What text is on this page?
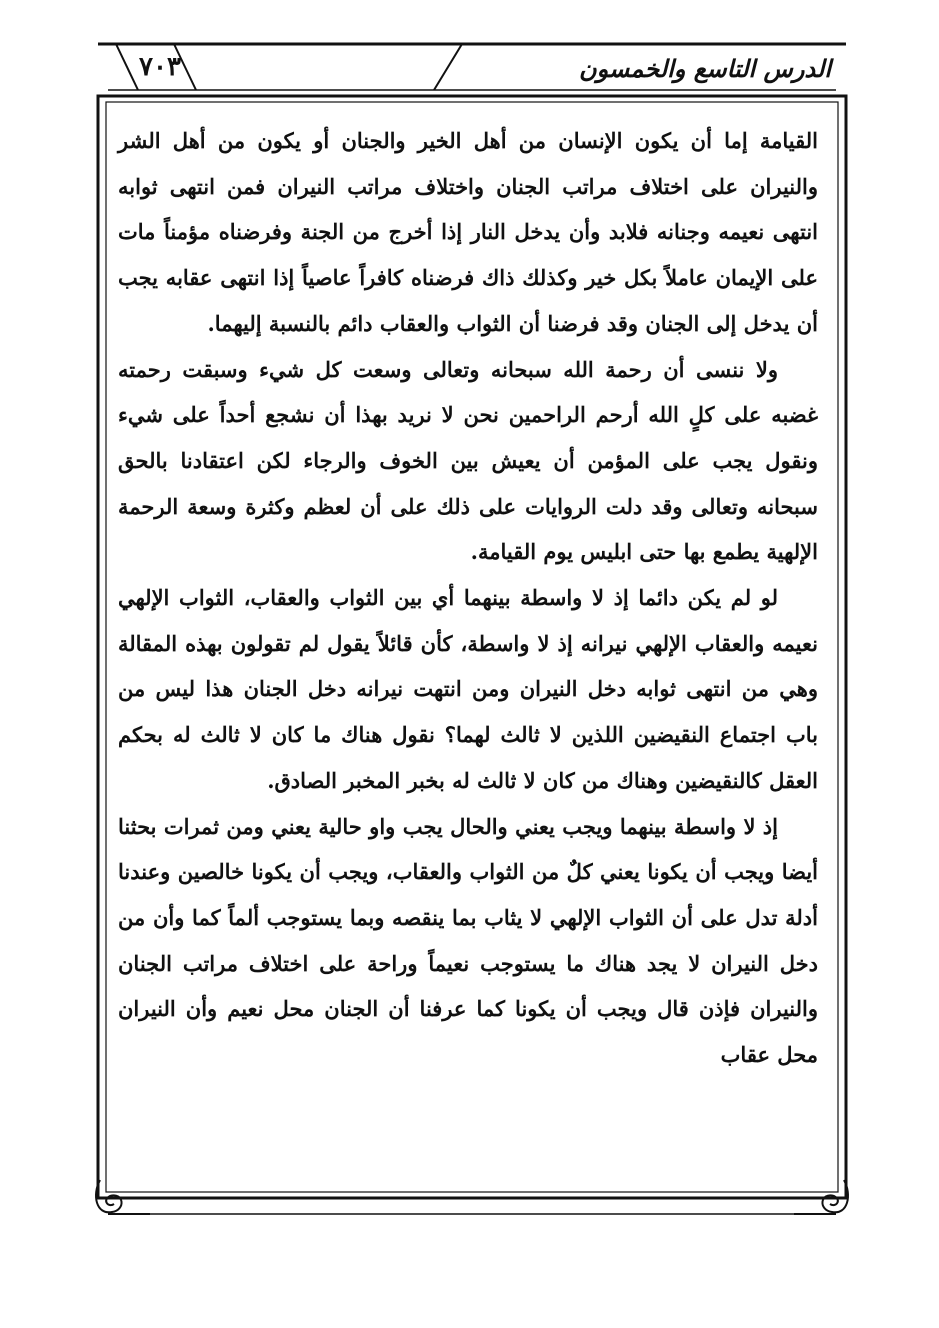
٧٠٣	الدرس التاسع والخمسون

القيامة إما أن يكون الإنسان من أهل الخير والجنان أو يكون من أهل الشر والنيران على اختلاف مراتب الجنان واختلاف مراتب النيران فمن انتهى ثوابه انتهى نعيمه وجنانه فلابد وأن يدخل النار إذا أخرج من الجنة وفرضناه مؤمناً مات على الإيمان عاملاً بكل خير وكذلك ذاك فرضناه كافراً عاصياً إذا انتهى عقابه يجب أن يدخل إلى الجنان وقد فرضنا أن الثواب والعقاب دائم بالنسبة إليهما.

ولا ننسى أن رحمة الله سبحانه وتعالى وسعت كل شيء وسبقت رحمته غضبه على كلٍ الله أرحم الراحمين نحن لا نريد بهذا أن نشجع أحداً على شيء ونقول يجب على المؤمن أن يعيش بين الخوف والرجاء لكن اعتقادنا بالحق سبحانه وتعالى وقد دلت الروايات على ذلك على أن لعظم وكثرة وسعة الرحمة الإلهية يطمع بها حتى ابليس يوم القيامة.

لو لم يكن دائما إذ لا واسطة بينهما أي بين الثواب والعقاب، الثواب الإلهي نعيمه والعقاب الإلهي نيرانه إذ لا واسطة، كأن قائلاً يقول لم تقولون بهذه المقالة وهي من انتهى ثوابه دخل النيران ومن انتهت نيرانه دخل الجنان هذا ليس من باب اجتماع النقيضين اللذين لا ثالث لهما؟ نقول هناك ما كان لا ثالث له بحكم العقل كالنقيضين وهناك من كان لا ثالث له بخبر المخبر الصادق.

إذ لا واسطة بينهما ويجب يعني والحال يجب واو حالية يعني ومن ثمرات بحثنا أيضا ويجب أن يكونا يعني كلٌ من الثواب والعقاب، ويجب أن يكونا خالصين وعندنا أدلة تدل على أن الثواب الإلهي لا يثاب بما ينقصه وبما يستوجب ألماً كما وأن من دخل النيران لا يجد هناك ما يستوجب نعيماً وراحة على اختلاف مراتب الجنان والنيران فإذن قال ويجب أن يكونا كما عرفنا أن الجنان محل نعيم وأن النيران محل عقاب
